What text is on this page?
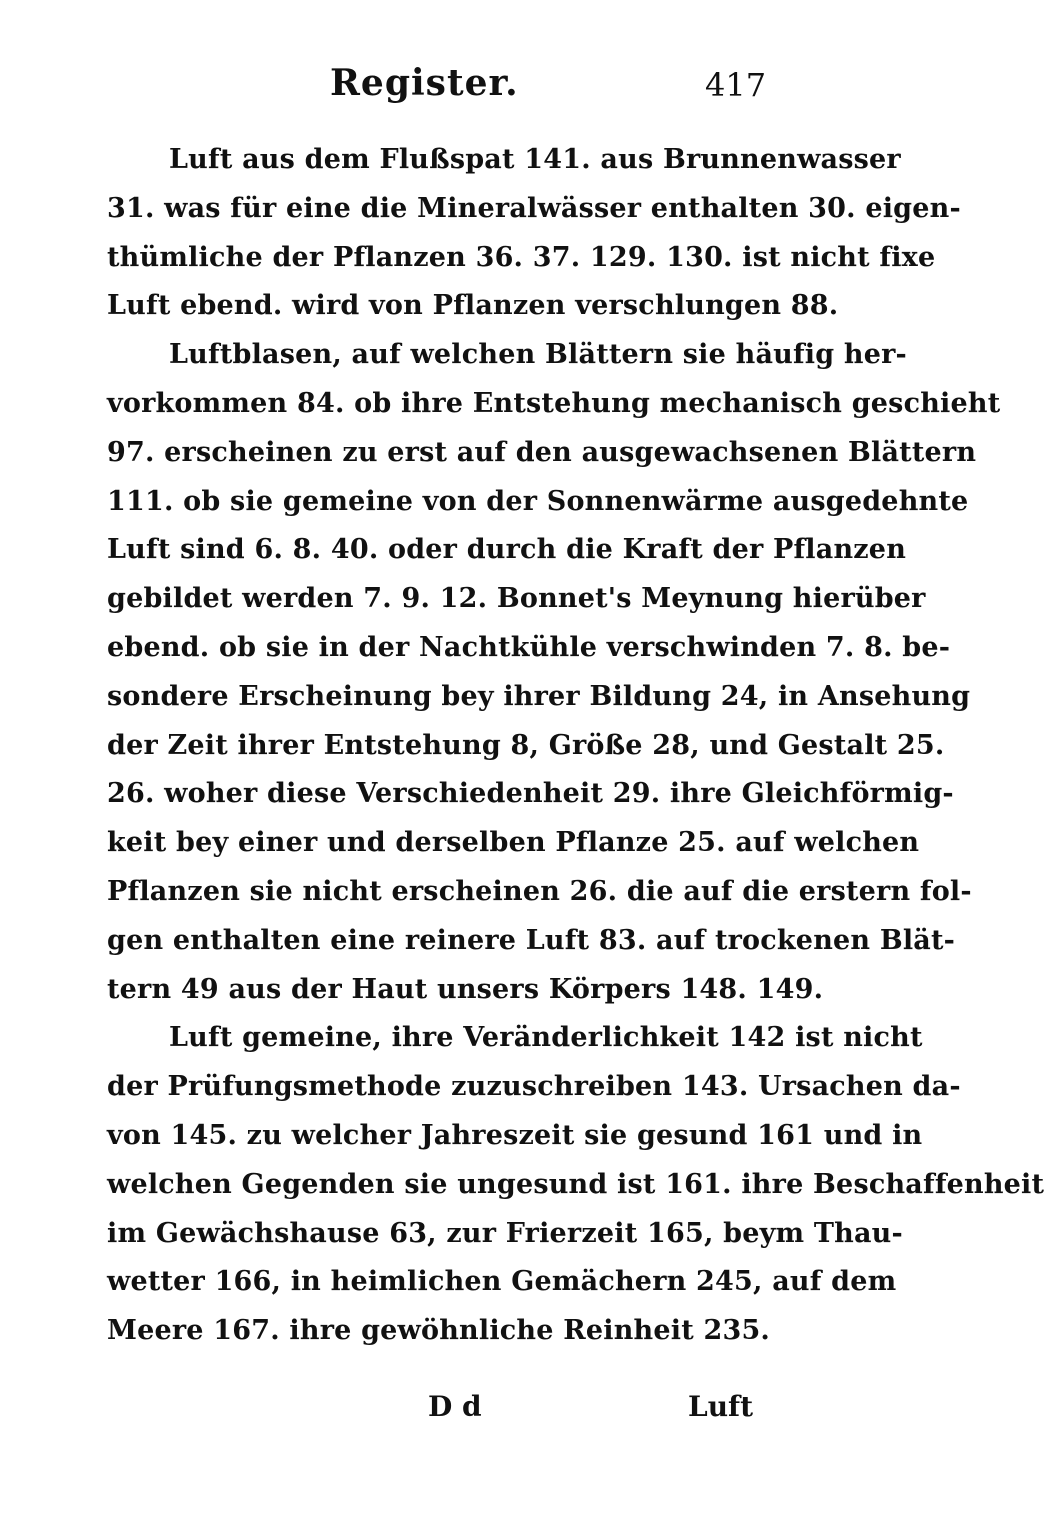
Register.	417
Luft aus dem Flußspat 141. aus Brunnenwasser
31. was für eine die Mineralwässer enthalten 30. eigen-
thümliche der Pflanzen 36. 37. 129. 130. ist nicht fixe
Luft ebend. wird von Pflanzen verschlungen 88.
Luftblasen, auf welchen Blättern sie häufig her-
vorkommen 84. ob ihre Entstehung mechanisch geschieht
97. erscheinen zu erst auf den ausgewachsenen Blättern
111. ob sie gemeine von der Sonnenwärme ausgedehnte
Luft sind 6. 8. 40. oder durch die Kraft der Pflanzen
gebildet werden 7. 9. 12. Bonnet's Meynung hierüber
ebend. ob sie in der Nachtkühle verschwinden 7. 8. be-
sondere Erscheinung bey ihrer Bildung 24, in Ansehung
der Zeit ihrer Entstehung 8, Größe 28, und Gestalt 25.
26. woher diese Verschiedenheit 29. ihre Gleichförmig-
keit bey einer und derselben Pflanze 25. auf welchen
Pflanzen sie nicht erscheinen 26. die auf die erstern fol-
gen enthalten eine reinere Luft 83. auf trockenen Blät-
tern 49 aus der Haut unsers Körpers 148. 149.
Luft gemeine, ihre Veränderlichkeit 142 ist nicht
der Prüfungsmethode zuzuschreiben 143. Ursachen da-
von 145. zu welcher Jahreszeit sie gesund 161 und in
welchen Gegenden sie ungesund ist 161. ihre Beschaffenheit
im Gewächshause 63, zur Frierzeit 165, beym Thau-
wetter 166, in heimlichen Gemächern 245, auf dem
Meere 167. ihre gewöhnliche Reinheit 235.
D d	Luft
